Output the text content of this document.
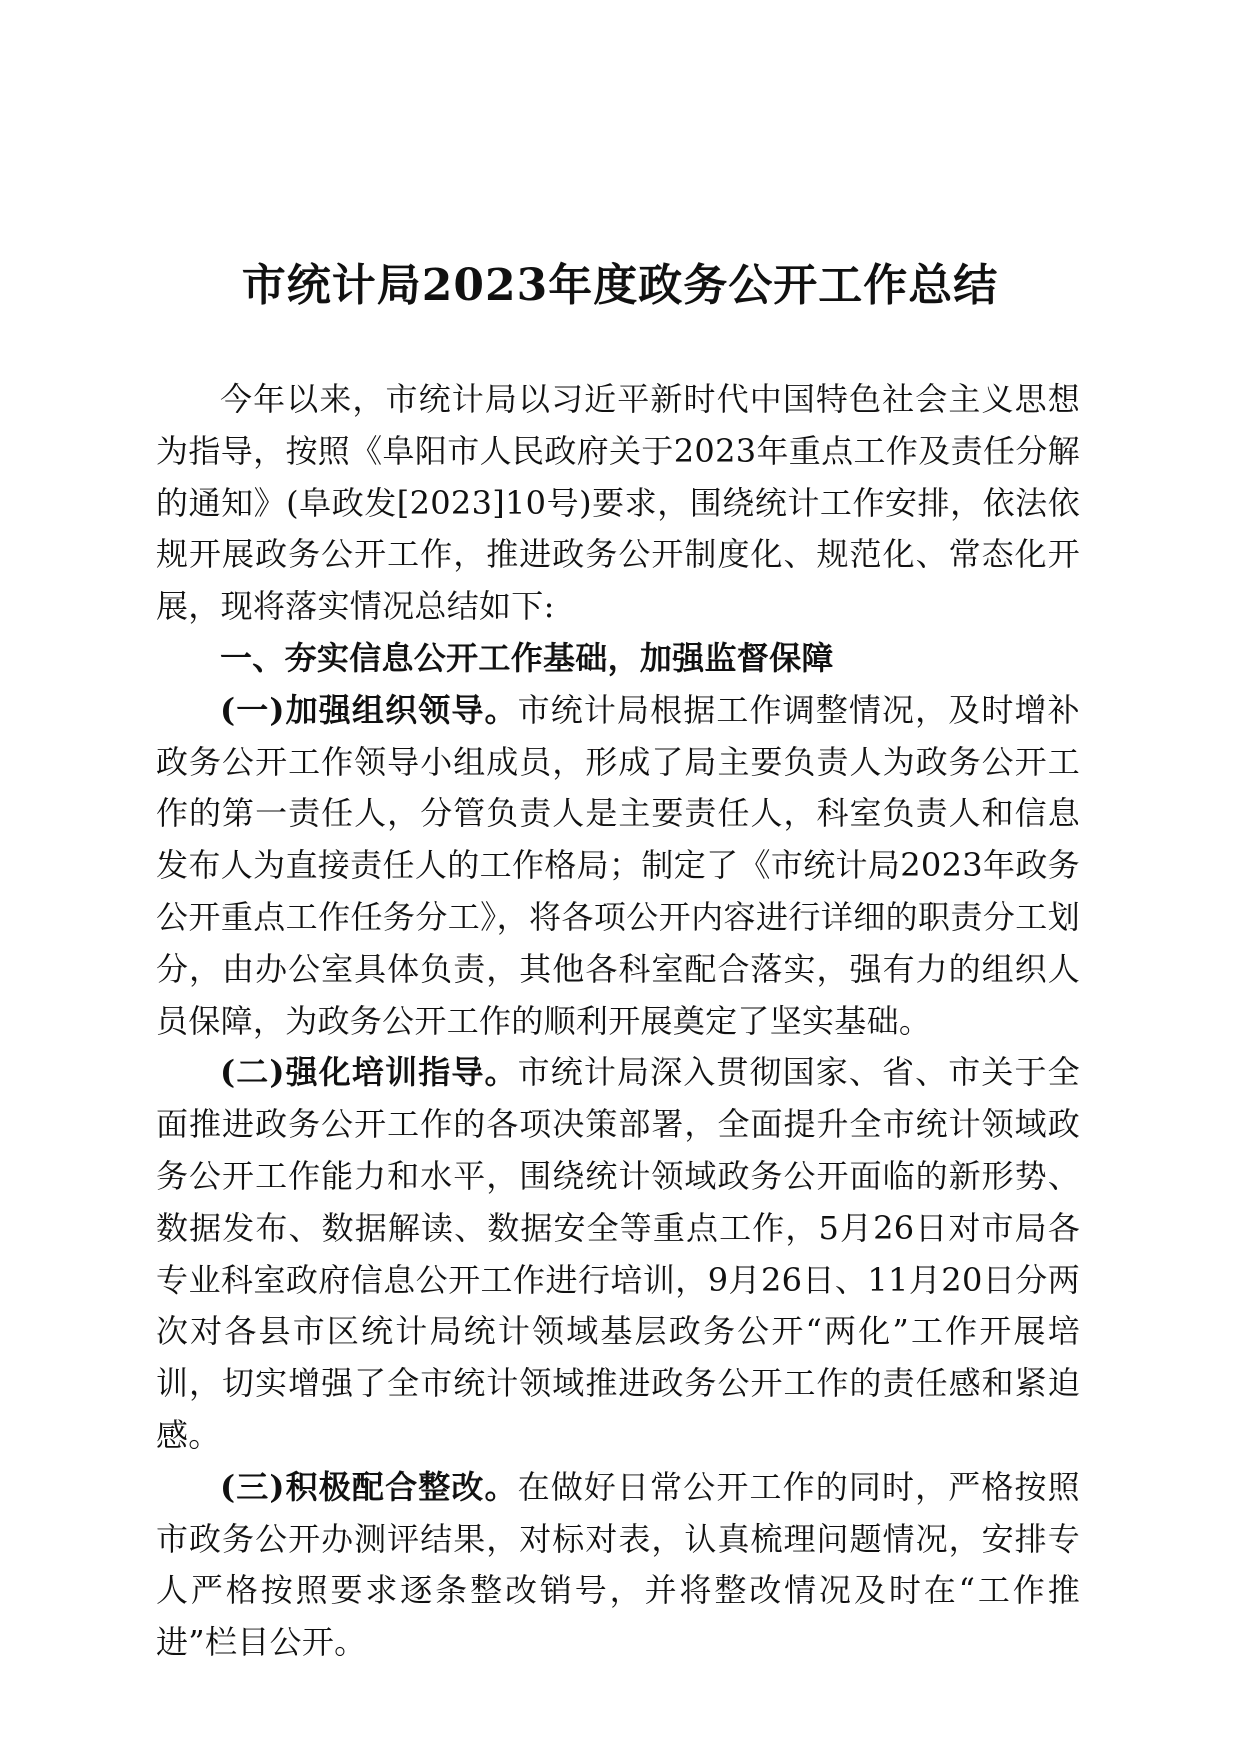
市统计局2023年度政务公开工作总结

今年以来，市统计局以习近平新时代中国特色社会主义思想为指导，按照《阜阳市人民政府关于2023年重点工作及责任分解的通知》(阜政发[2023]10号)要求，围绕统计工作安排，依法依规开展政务公开工作，推进政务公开制度化、规范化、常态化开展，现将落实情况总结如下:

一、夯实信息公开工作基础，加强监督保障

(一)加强组织领导。市统计局根据工作调整情况，及时增补政务公开工作领导小组成员，形成了局主要负责人为政务公开工作的第一责任人，分管负责人是主要责任人，科室负责人和信息发布人为直接责任人的工作格局；制定了《市统计局2023年政务公开重点工作任务分工》，将各项公开内容进行详细的职责分工划分，由办公室具体负责，其他各科室配合落实，强有力的组织人员保障，为政务公开工作的顺利开展奠定了坚实基础。

(二)强化培训指导。市统计局深入贯彻国家、省、市关于全面推进政务公开工作的各项决策部署，全面提升全市统计领域政务公开工作能力和水平，围绕统计领域政务公开面临的新形势、数据发布、数据解读、数据安全等重点工作，5月26日对市局各专业科室政府信息公开工作进行培训，9月26日、11月20日分两次对各县市区统计局统计领域基层政务公开“两化”工作开展培训，切实增强了全市统计领域推进政务公开工作的责任感和紧迫感。

(三)积极配合整改。在做好日常公开工作的同时，严格按照市政务公开办测评结果，对标对表，认真梳理问题情况，安排专人严格按照要求逐条整改销号，并将整改情况及时在“工作推进”栏目公开。
